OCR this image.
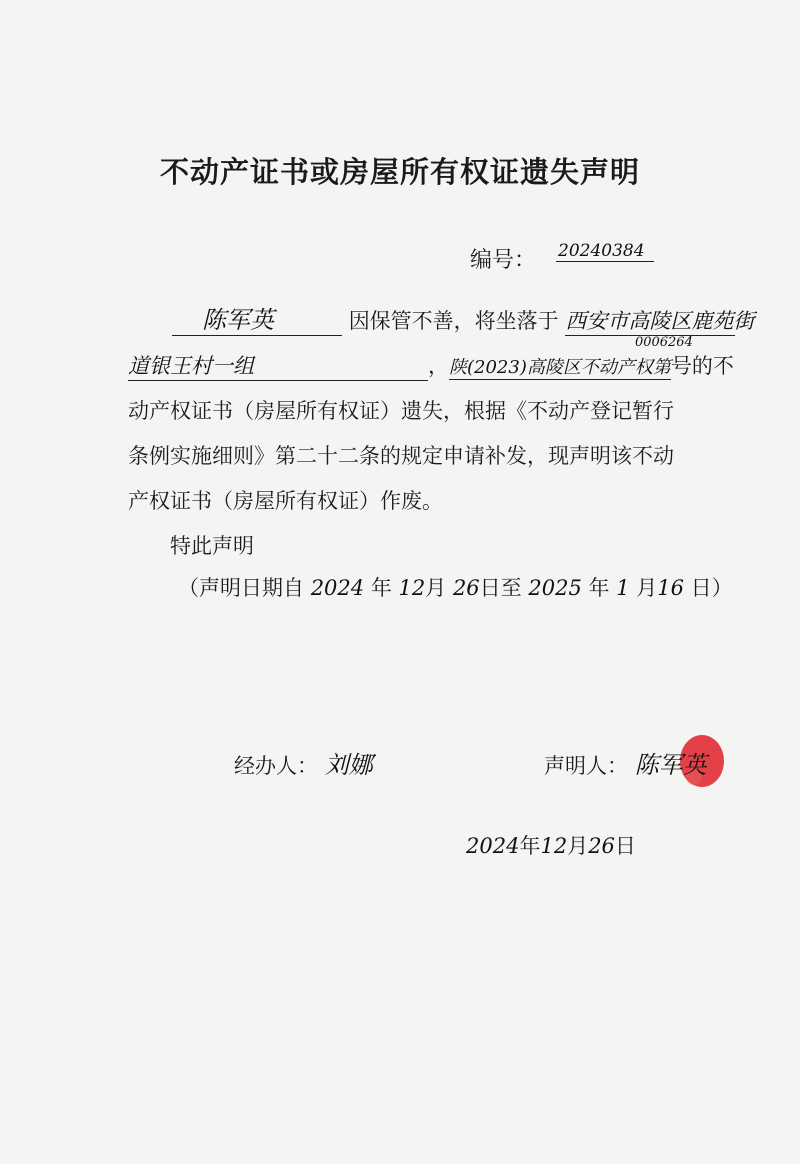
不动产证书或房屋所有权证遗失声明
编号： 20240384
陈军英	因保管不善，将坐落于 西安市高陵区鹿苑街
道银王村一组	，陕(2023)高陵区不动产权第
0006264
号的不
动产权证书（房屋所有权证）遗失，根据《不动产登记暂行
条例实施细则》第二十二条的规定申请补发，现声明该不动
产权证书（房屋所有权证）作废。
特此声明
（声明日期自 2024 年 12月 26日至 2025 年 1 月16 日）
经办人： 刘娜	声明人： 陈军英
2024年12月26日
